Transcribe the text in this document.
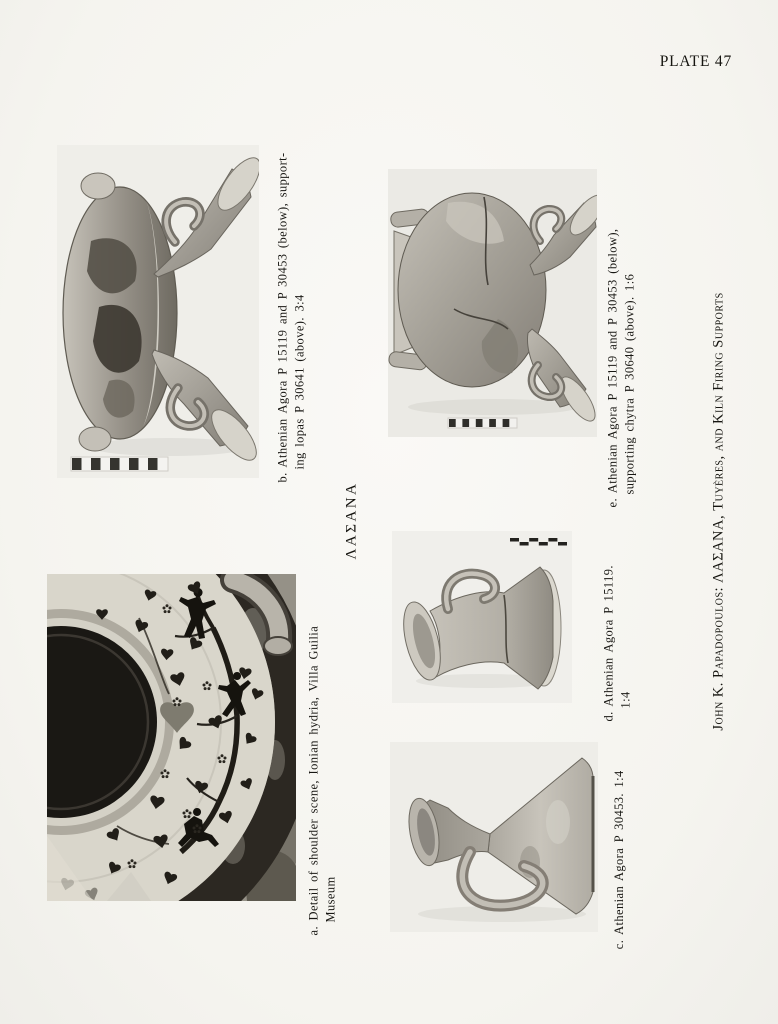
PLATE 47
b. Athenian Agora P 15119 and P 30453 (below), support- ing lopas P 30641 (above). 3:4	e. Athenian Agora P 15119 and P 30453 (below), supporting chytra P 30640 (above). 1:6
ΛΑΣΑΝΑ
a. Detail of shoulder scene, Ionian hydria, Villa Guilia Museum
d. Athenian Agora P 15119. 1:4
c. Athenian Agora P 30453. 1:4
John K. Papadopoulos: ΛΑΣΑΝΑ, Tuyères, and Kiln Firing Supports
